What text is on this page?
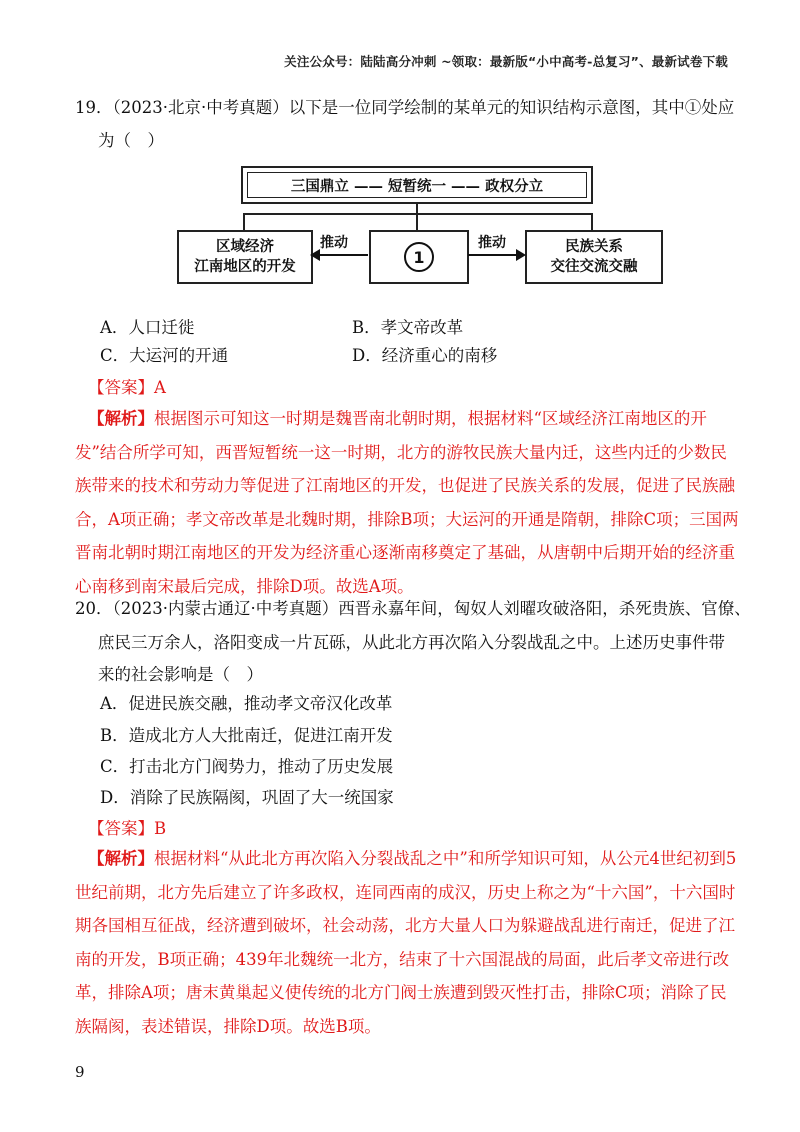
关注公众号：陆陆高分冲刺 ~领取：最新版“小中高考-总复习”、最新试卷下载
19．（2023·北京·中考真题）以下是一位同学绘制的某单元的知识结构示意图，其中①处应
为（　）
三国鼎立 —— 短暂统一 —— 政权分立
区域经济
江南地区的开发
1
民族关系
交往交流交融
推动	推动
A．人口迁徙	B．孝文帝改革
C．大运河的开通	D．经济重心的南移
【答案】A
【解析】根据图示可知这一时期是魏晋南北朝时期，根据材料“区域经济江南地区的开发”结合所学可知，西晋短暂统一这一时期，北方的游牧民族大量内迁，这些内迁的少数民族带来的技术和劳动力等促进了江南地区的开发，也促进了民族关系的发展，促进了民族融合，A项正确；孝文帝改革是北魏时期，排除B项；大运河的开通是隋朝，排除C项；三国两晋南北朝时期江南地区的开发为经济重心逐渐南移奠定了基础，从唐朝中后期开始的经济重心南移到南宋最后完成，排除D项。故选A项。
20．（2023·内蒙古通辽·中考真题）西晋永嘉年间，匈奴人刘曜攻破洛阳，杀死贵族、官僚、
庶民三万余人，洛阳变成一片瓦砾，从此北方再次陷入分裂战乱之中。上述历史事件带
来的社会影响是（　）
A．促进民族交融，推动孝文帝汉化改革
B．造成北方人大批南迁，促进江南开发
C．打击北方门阀势力，推动了历史发展
D．消除了民族隔阂，巩固了大一统国家
【答案】B
【解析】根据材料“从此北方再次陷入分裂战乱之中”和所学知识可知，从公元4世纪初到5世纪前期，北方先后建立了许多政权，连同西南的成汉，历史上称之为“十六国”，十六国时期各国相互征战，经济遭到破坏，社会动荡，北方大量人口为躲避战乱进行南迁，促进了江南的开发，B项正确；439年北魏统一北方，结束了十六国混战的局面，此后孝文帝进行改革，排除A项；唐末黄巢起义使传统的北方门阀士族遭到毁灭性打击，排除C项；消除了民族隔阂，表述错误，排除D项。故选B项。
9
